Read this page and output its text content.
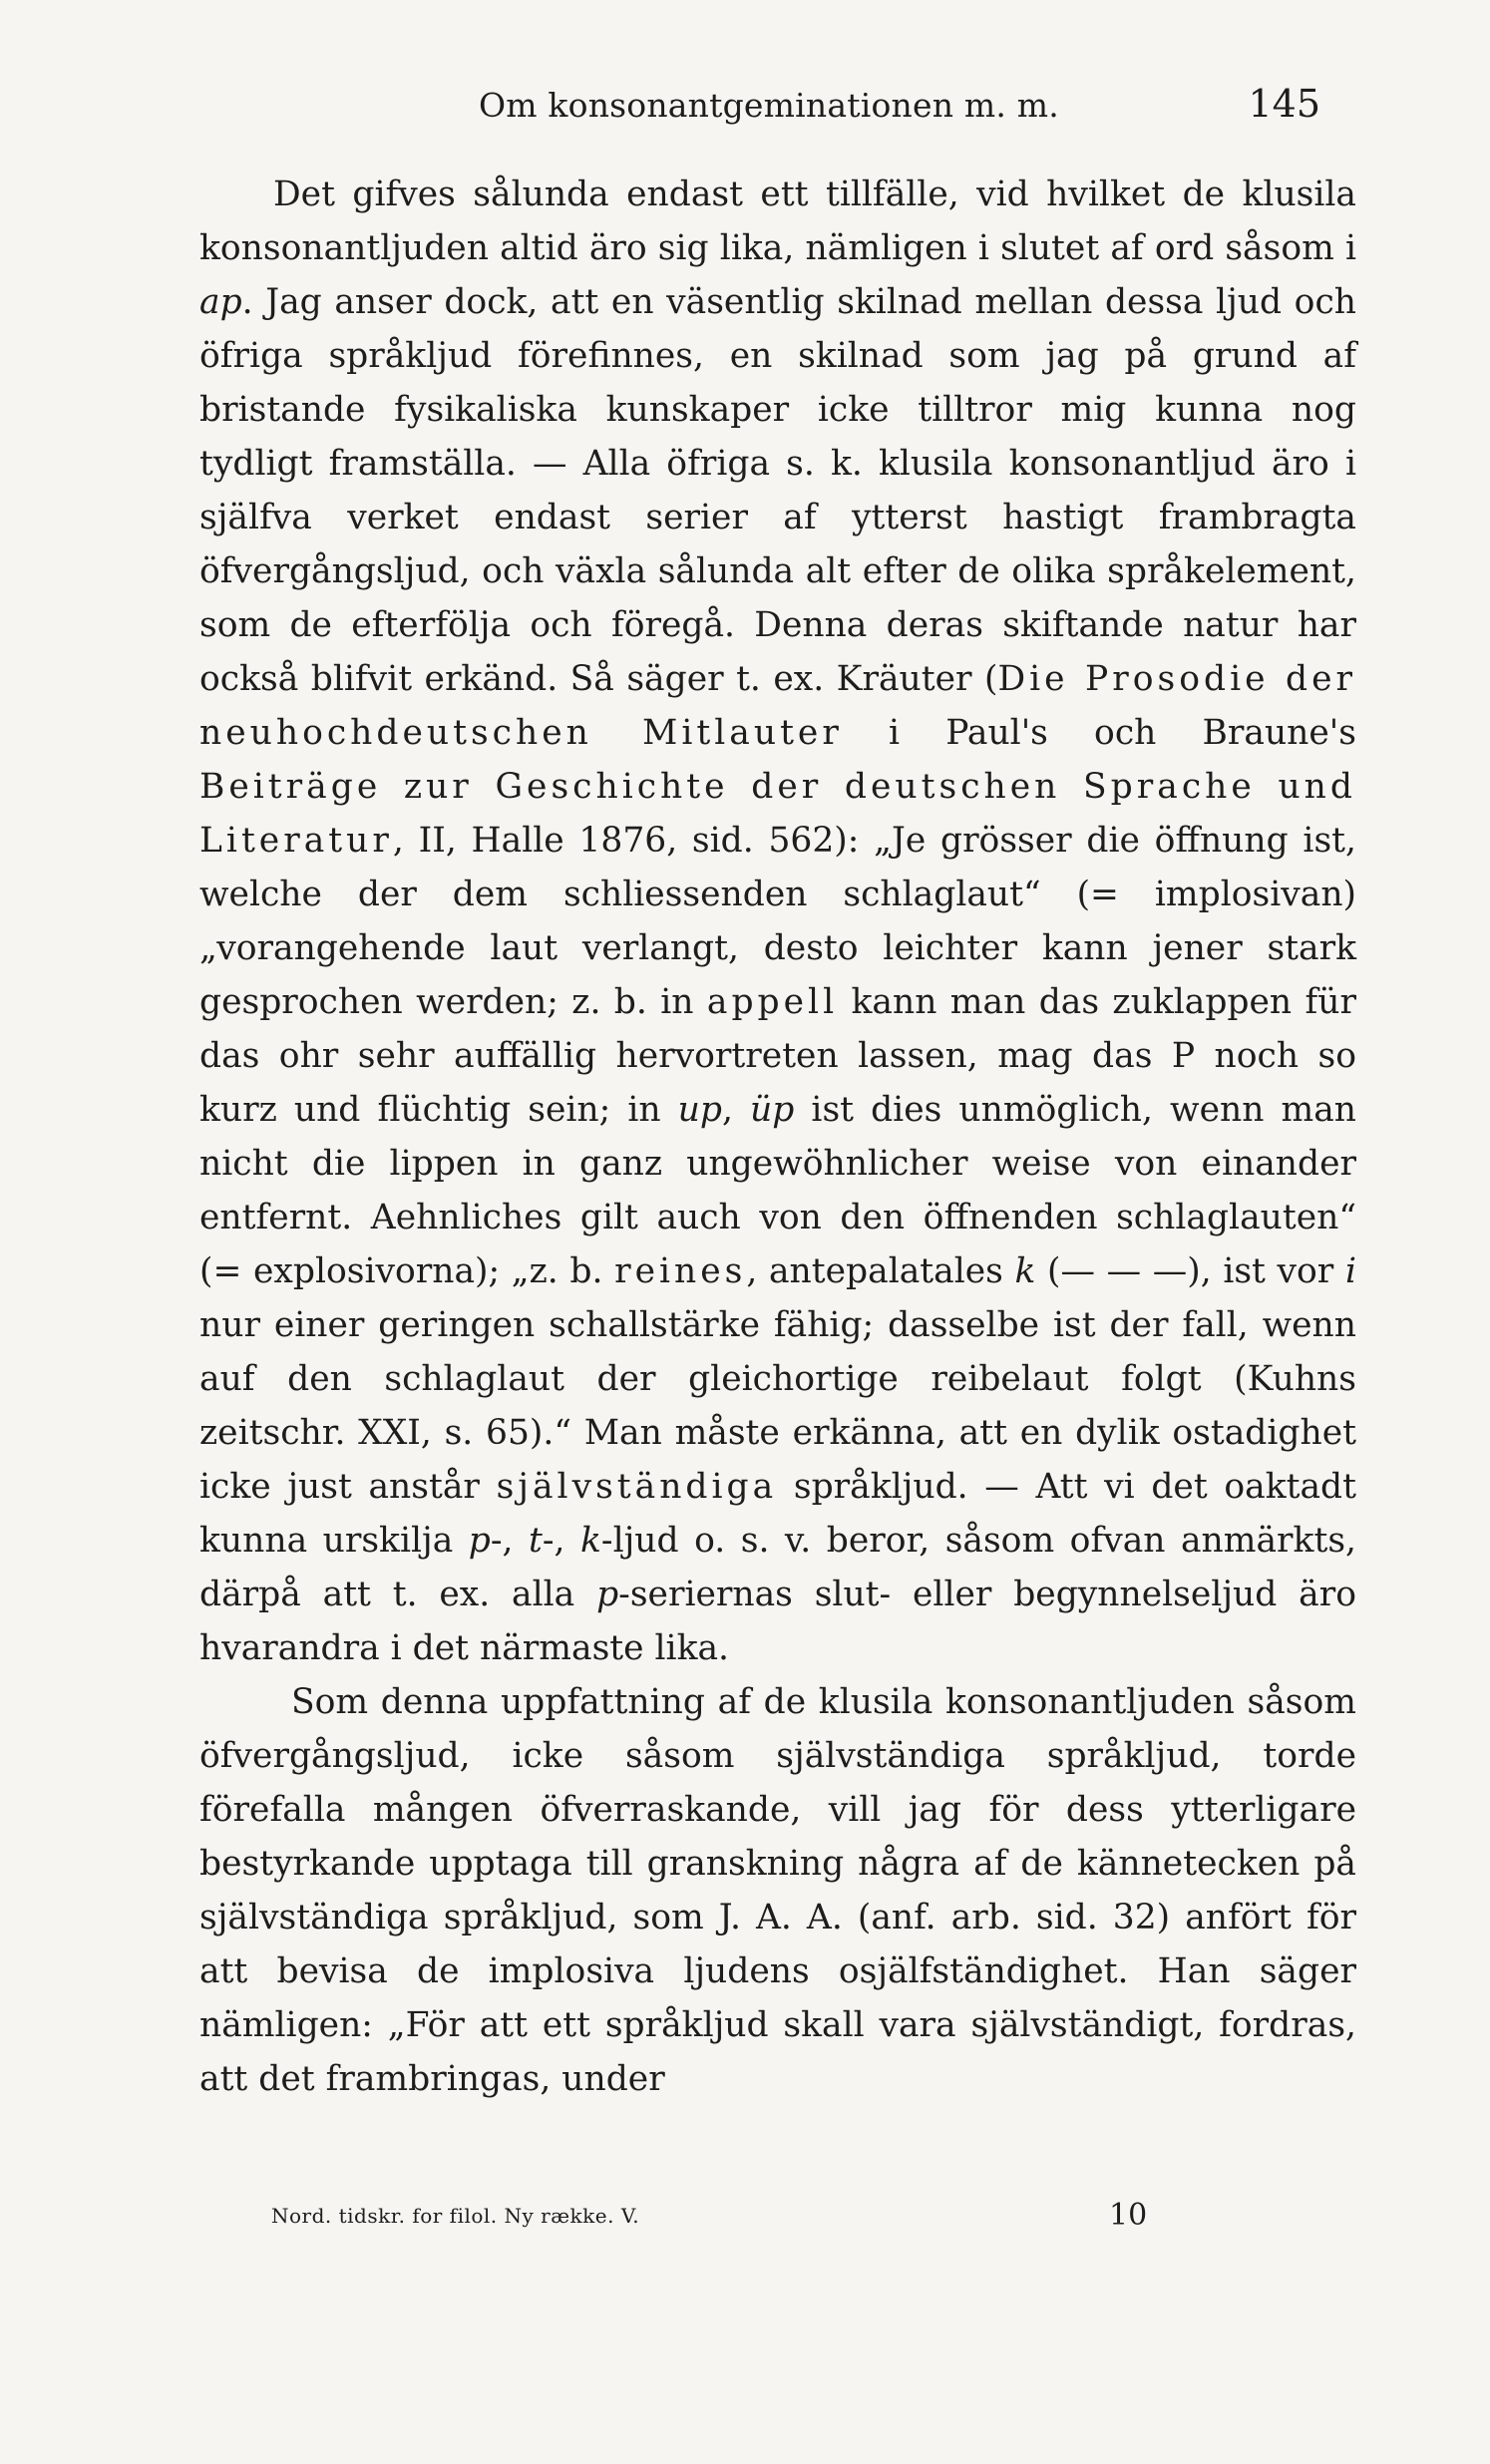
Om konsonantgeminationen m. m.	145

Det gifves sålunda endast ett tillfälle, vid hvilket de klusila konsonantljuden altid äro sig lika, nämligen i slutet af ord såsom i ap. Jag anser dock, att en väsentlig skilnad mellan dessa ljud och öfriga språkljud förefinnes, en skilnad som jag på grund af bristande fysikaliska kunskaper icke tilltror mig kunna nog tydligt framställa. — Alla öfriga s. k. klusila konsonantljud äro i själfva verket endast serier af ytterst hastigt frambragta öfvergångsljud, och växla sålunda alt efter de olika språkelement, som de efterfölja och föregå. Denna deras skiftande natur har också blifvit erkänd. Så säger t. ex. Kräuter (Die Prosodie der neuhochdeutschen Mitlauter i Paul's och Braune's Beiträge zur Geschichte der deutschen Sprache und Literatur, II, Halle 1876, sid. 562): „Je grösser die öffnung ist, welche der dem schliessenden schlaglaut“ (= implosivan) „vorangehende laut verlangt, desto leichter kann jener stark gesprochen werden; z. b. in appell kann man das zuklappen für das ohr sehr auffällig hervortreten lassen, mag das P noch so kurz und flüchtig sein; in up, üp ist dies unmöglich, wenn man nicht die lippen in ganz ungewöhnlicher weise von einander entfernt. Aehnliches gilt auch von den öffnenden schlaglauten“ (= explosivorna); „z. b. reines, antepalatales k (— — —), ist vor i nur einer geringen schallstärke fähig; dasselbe ist der fall, wenn auf den schlaglaut der gleichortige reibelaut folgt (Kuhns zeitschr. XXI, s. 65).“ Man måste erkänna, att en dylik ostadighet icke just anstår självständiga språkljud. — Att vi det oaktadt kunna urskilja p-, t-, k-ljud o. s. v. beror, såsom ofvan anmärkts, därpå att t. ex. alla p-seriernas slut- eller begynnelseljud äro hvarandra i det närmaste lika.

Som denna uppfattning af de klusila konsonantljuden såsom öfvergångsljud, icke såsom självständiga språkljud, torde förefalla mången öfverraskande, vill jag för dess ytterligare bestyrkande upptaga till granskning några af de kännetecken på självständiga språkljud, som J. A. A. (anf. arb. sid. 32) anfört för att bevisa de implosiva ljudens osjälfständighet. Han säger nämligen: „För att ett språkljud skall vara självständigt, fordras, att det frambringas, under

Nord. tidskr. for filol. Ny række. V.	10
